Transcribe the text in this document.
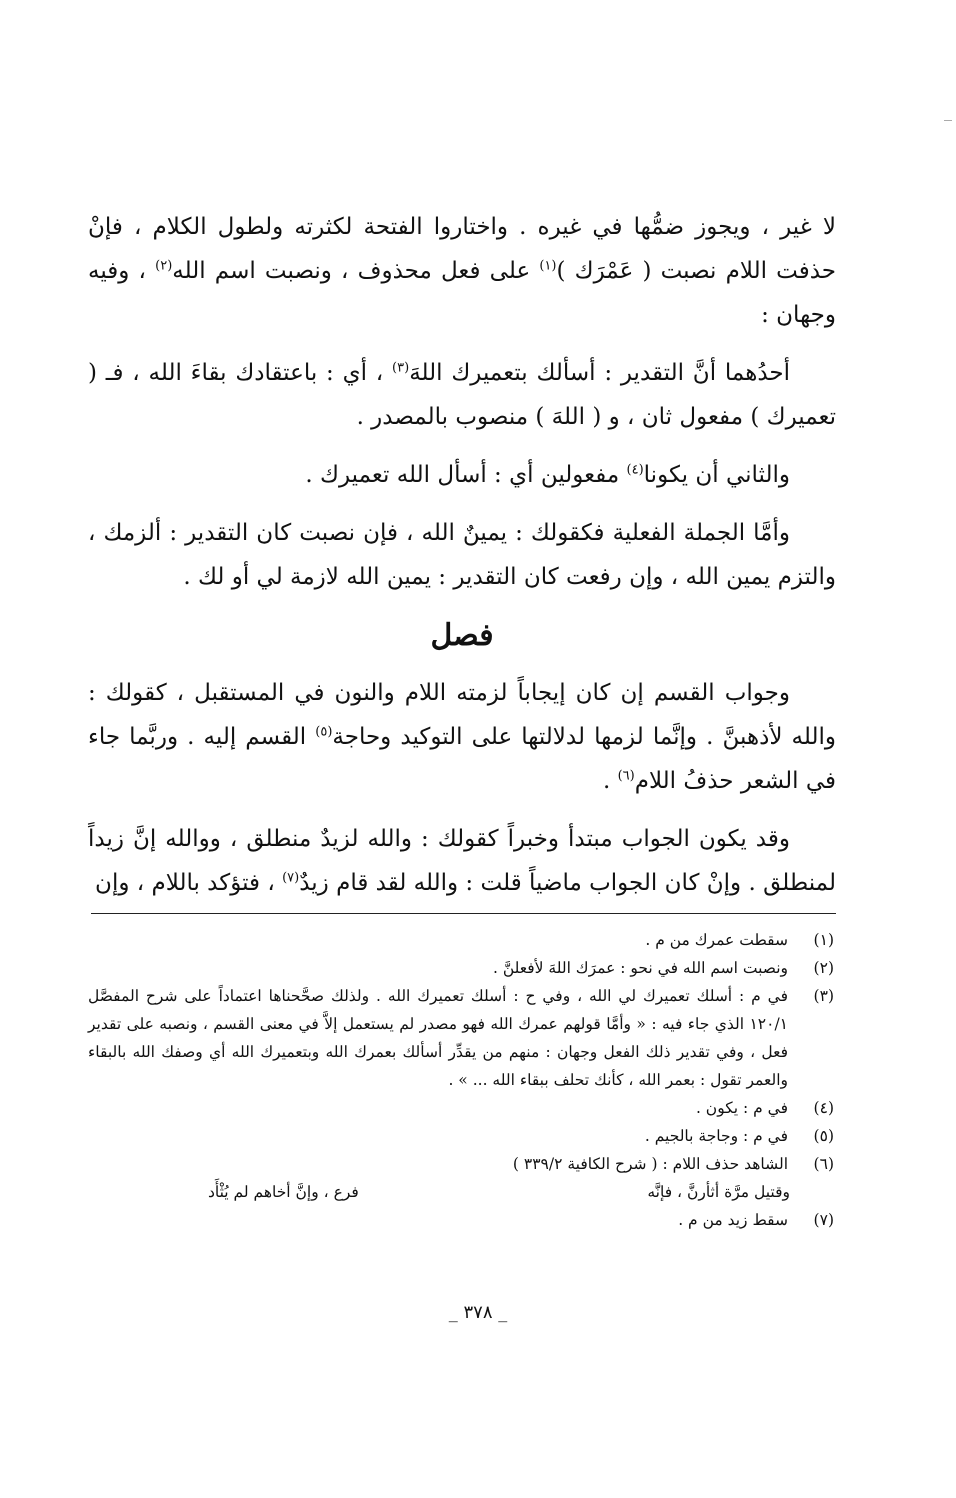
لا غير ، ويجوز ضمُّها في غيره . واختاروا الفتحة لكثرته ولطول الكلام ، فإنْ حذفت اللام نصبت ( عَمْرَك )$^{(١)}$ على فعل محذوف ، ونصبت اسم الله$^{(٢)}$ ، وفيه وجهان :

أحدُهما أنَّ التقدير : أسألك بتعميرك اللهَ$^{(٣)}$ ، أي : باعتقادك بقاءَ الله ، فـ ( تعميرك ) مفعول ثان ، و ( اللهَ ) منصوب بالمصدر .

والثاني أن يكونا$^{(٤)}$ مفعولين أي : أسأل الله تعميرك .

وأمَّا الجملة الفعلية فكقولك : يمينٌ الله ، فإن نصبت كان التقدير : ألزمك ، والتزم يمين الله ، وإن رفعت كان التقدير : يمين الله لازمة لي أو لك .

فصل

وجواب القسم إن كان إيجاباً لزمته اللام والنون في المستقبل ، كقولك : والله لأذهبنَّ . وإنَّما لزمها لدلالتها على التوكيد وحاجة$^{(٥)}$ القسم إليه . وربَّما جاء في الشعر حذفُ اللام$^{(٦)}$ .

وقد يكون الجواب مبتدأ وخبراً كقولك : والله لزيدٌ منطلق ، ووالله إنَّ زيداً لمنطلق . وإنْ كان الجواب ماضياً قلت : والله لقد قام زيدٌ$^{(٧)}$ ، فتؤكد باللام ، وإن

(١)
سقطت عمرك من م .
(٢)
ونصبت اسم الله في نحو : عمرَك اللهَ لأفعلنَّ .
(٣)
في م : أسلك تعميرك لي الله ، وفي ح : أسلك تعميرك الله . ولذلك صحَّحناها اعتماداً على شرح المفصَّل ١٢٠/١ الذي جاء فيه : « وأمَّا قولهم عمرك الله فهو مصدر لم يستعمل إلاَّ في معنى القسم ، ونصبه على تقدير فعل ، وفي تقدير ذلك الفعل وجهان : منهم من يقدِّر أسألك بعمرك الله وبتعميرك الله أي وصفك الله بالبقاء والعمر تقول : بعمر الله ، كأنك تحلف ببقاء الله ... » .
(٤)
في م : يكون .
(٥)
في م : وجاجة بالجيم .
(٦)
الشاهد حذف اللام : ( شرح الكافية ٣٣٩/٢ )
وقتيل مرَّة أثأرنَّ ، فإنَّه
فرع ، وإنَّ أخاهم لم يُثْأَد
(٧)
سقط زيد من م .
_ ٣٧٨ _
